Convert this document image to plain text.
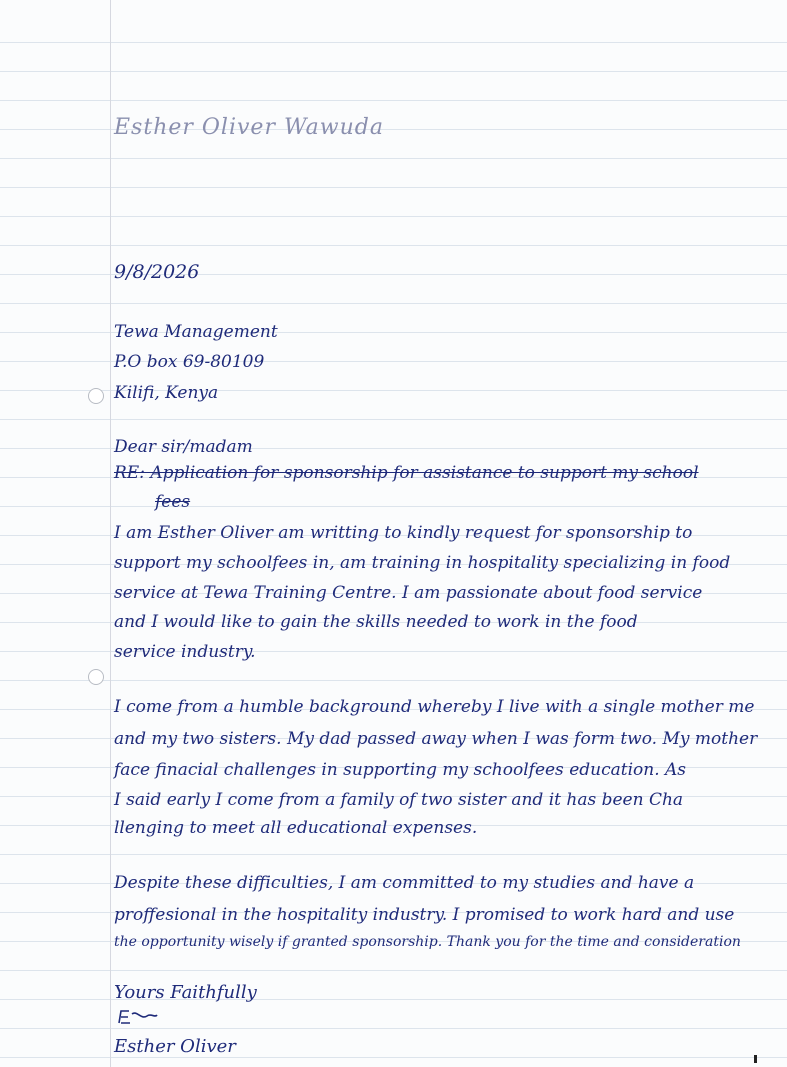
Esther Oliver Wawuda
9/8/2026
Tewa Management
P.O box 69-80109
Kilifi, Kenya
Dear sir/madam
RE: Application for sponsorship for assistance to support my school
fees
I am Esther Oliver am writting to kindly request for sponsorship to
support my schoolfees in, am training in hospitality specializing in food
service at Tewa Training Centre. I am passionate about food service
and I would like to gain the skills needed to work in the food
service industry.
I come from a humble background whereby I live with a single mother me
and my two sisters. My dad passed away when I was form two. My mother
face finacial challenges in supporting my schoolfees education. As
I said early I come from a family of two sister and it has been Cha
llenging to meet all educational expenses.
Despite these difficulties, I am committed to my studies and have a
proffesional in the hospitality industry. I promised to work hard and use
the opportunity wisely if granted sponsorship. Thank you for the time and consideration
Yours Faithfully
Esther Oliver
